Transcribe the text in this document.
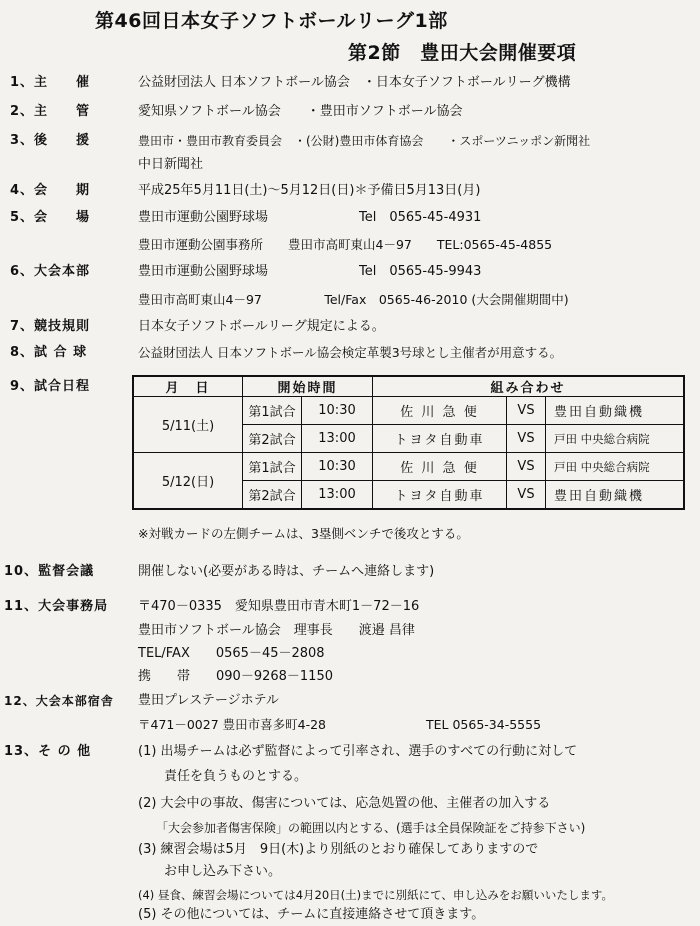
第46回日本女子ソフトボールリーグ1部
第2節　豊田大会開催要項
1、主　　催	公益財団法人 日本ソフトボール協会　・日本女子ソフトボールリーグ機構
2、主　　管	愛知県ソフトボール協会　　・豊田市ソフトボール協会
3、後　　援	豊田市・豊田市教育委員会　・(公財)豊田市体育協会　　・スポーツニッポン新聞社
中日新聞社
4、会　　期	平成25年5月11日(土)～5月12日(日)＊予備日5月13日(月)
5、会　　場	豊田市運動公園野球場　　　　　　　Tel　0565-45-4931
豊田市運動公園事務所　　豊田市高町東山4－97　　TEL:0565-45-4855
6、大会本部	豊田市運動公園野球場　　　　　　　Tel　0565-45-9943
豊田市高町東山4－97　　　　　Tel/Fax　0565-46-2010 (大会開催期間中)
7、競技規則	日本女子ソフトボールリーグ規定による。
8、試 合 球	公益財団法人 日本ソフトボール協会検定革製3号球とし主催者が用意する。
9、試合日程	月　日	開始時間		組み合わせ		
5/11(土)	第1試合	10:30	佐 川 急 便	VS	豊田自動織機
	第2試合	13:00	トヨタ自動車	VS	戸田 中央総合病院
5/12(日)	第1試合	10:30	佐 川 急 便	VS	戸田 中央総合病院
	第2試合	13:00	トヨタ自動車	VS	豊田自動織機
※対戦カードの左側チームは、3塁側ベンチで後攻とする。
10、監督会議	開催しない(必要がある時は、チームへ連絡します)
11、大会事務局 〒470－0335　愛知県豊田市青木町1－72－16
豊田市ソフトボール協会　理事長　　渡邉 昌律
TEL/FAX　　0565－45－2808
携　　帯　　090－9268－1150
12、大会本部宿舎 豊田プレステージホテル
〒471－0027 豊田市喜多町4-28　　　　　　　　TEL 0565-34-5555
13、そ の 他	(1) 出場チームは必ず監督によって引率され、選手のすべての行動に対して
　　責任を負うものとする。
(2) 大会中の事故、傷害については、応急処置の他、主催者の加入する
　　「大会参加者傷害保険」の範囲以内とする、(選手は全員保険証をご持参下さい)
(3) 練習会場は5月　9日(木)より別紙のとおり確保してありますので
　　お申し込み下さい。
(4) 昼食、練習会場については4月20日(土)までに別紙にて、申し込みをお願いいたします。
(5) その他については、チームに直接連絡させて頂きます。
